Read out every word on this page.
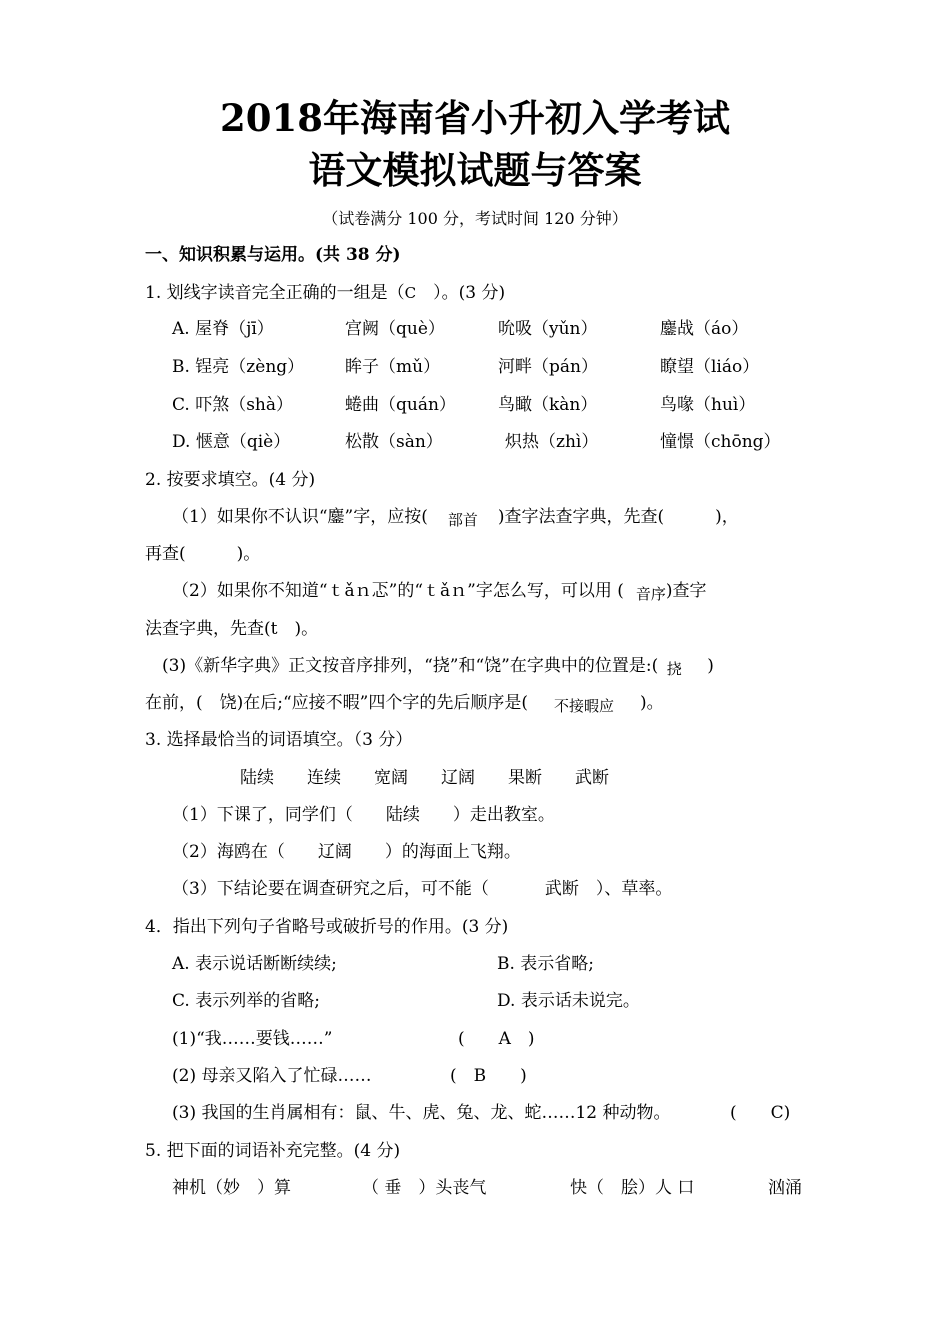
2018年海南省小升初入学考试
语文模拟试题与答案
（试卷满分 100 分，考试时间 120 分钟）
一、知识积累与运用。(共 38 分)
1. 划线字读音完全正确的一组是（C　 ）。(3 分)
A. 屋脊（jī）	宫阙（què）	吮吸（yǔn）	鏖战（áo）
B. 锃亮（zèng） 眸子（mǔ）	河畔（pán）	瞭望（liáo）
C. 吓煞（shà）	蜷曲（quán） 鸟瞰（kàn）	鸟喙（huì）
D. 惬意（qiè）	松散（sàn）	炽热（zhì）	憧憬（chōng）
2. 按要求填空。(4 分)
（1）如果你不认识“鏖”字，应按( 部首 )查字法查字典，先查(　　　)，
再查(　　　)。
（2）如果你不知道“ｔǎｎ忑”的“ｔǎｎ”字怎么写，可以用 ( 音序)查字
法查字典，先查(t　)。
(3)《新华字典》正文按音序排列，“挠”和“饶”在字典中的位置是:( 挠　 )
在前，(　饶)在后;“应接不暇”四个字的先后顺序是( 不接暇应 )。
3. 选择最恰当的词语填空。（3 分）
陆续 连续 宽阔 辽阔 果断 武断
（1）下课了，同学们（ 陆续 ）走出教室。
（2）海鸥在（ 辽阔 ）的海面上飞翔。
（3）下结论要在调查研究之后，可不能（	武断　 ）、草率。
4．指出下列句子省略号或破折号的作用。(3 分)
A. 表示说话断断续续;	B. 表示省略;
C. 表示列举的省略;	D. 表示话未说完。
(1)“我……要钱……”	(　　A　)
(2) 母亲又陷入了忙碌……	(　B　　)
(3) 我国的生肖属相有：鼠、牛、虎、兔、龙、蛇……12 种动物。	(　　C)
5. 把下面的词语补充完整。(4 分)
神机（妙　）算	（ 垂　）头丧气	快（　脍）人 口	汹涌
